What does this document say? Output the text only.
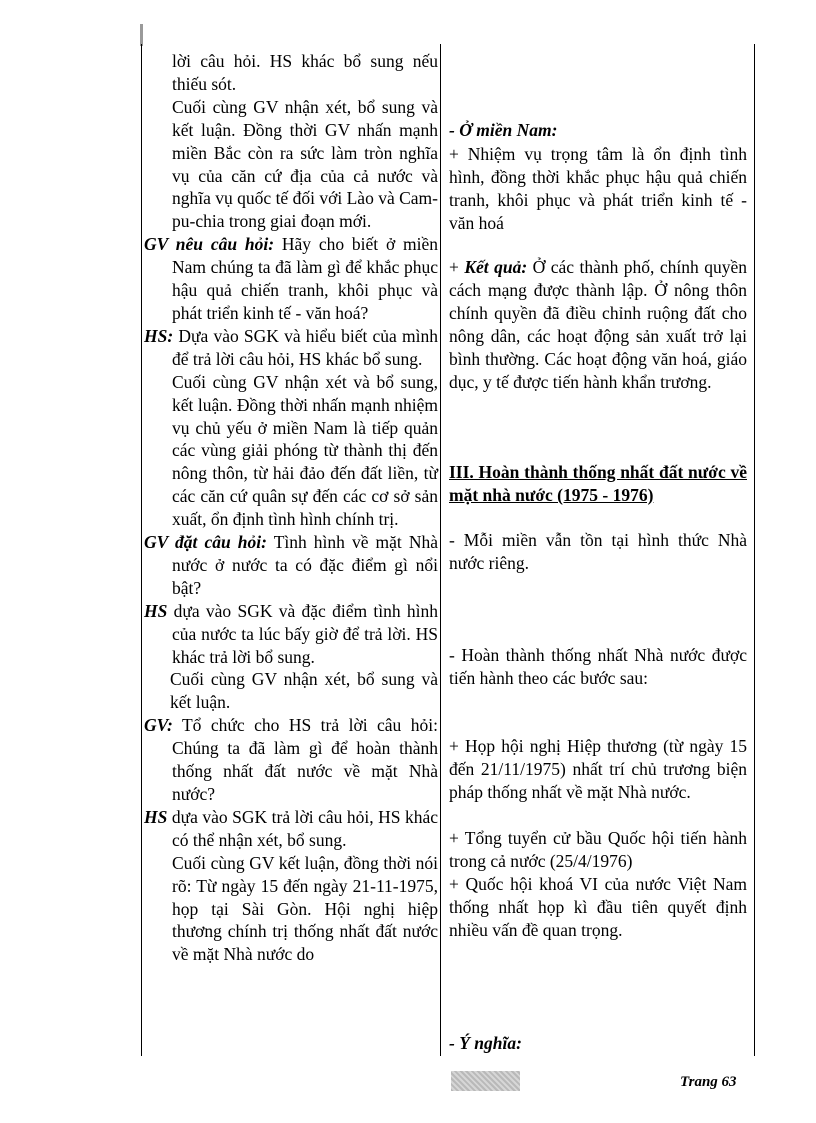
lời câu hỏi. HS khác bổ sung nếu thiếu sót.

Cuối cùng GV nhận xét, bổ sung và kết luận. Đồng thời GV nhấn mạnh miền Bắc còn ra sức làm tròn nghĩa vụ của căn cứ địa của cả nước và nghĩa vụ quốc tế đối với Lào và Cam-pu-chia trong giai đoạn mới.

GV nêu câu hỏi: Hãy cho biết ở miền Nam chúng ta đã làm gì để khắc phục hậu quả chiến tranh, khôi phục và phát triển kinh tế - văn hoá?

HS: Dựa vào SGK và hiểu biết của mình để trả lời câu hỏi, HS khác bổ sung.

Cuối cùng GV nhận xét và bổ sung, kết luận. Đồng thời nhấn mạnh nhiệm vụ chủ yếu ở miền Nam là tiếp quản các vùng giải phóng từ thành thị đến nông thôn, từ hải đảo đến đất liền, từ các căn cứ quân sự đến các cơ sở sản xuất, ổn định tình hình chính trị.

GV đặt câu hỏi: Tình hình về mặt Nhà nước ở nước ta có đặc điểm gì nổi bật?

HS dựa vào SGK và đặc điểm tình hình của nước ta lúc bấy giờ để trả lời. HS khác trả lời bổ sung.

Cuối cùng GV nhận xét, bổ sung và kết luận.

GV: Tổ chức cho HS trả lời câu hỏi: Chúng ta đã làm gì để hoàn thành thống nhất đất nước về mặt Nhà nước?

HS dựa vào SGK trả lời câu hỏi, HS khác có thể nhận xét, bổ sung.

Cuối cùng GV kết luận, đồng thời nói rõ: Từ ngày 15 đến ngày 21-11-1975, họp tại Sài Gòn. Hội nghị hiệp thương chính trị thống nhất đất nước về mặt Nhà nước do

- Ở miền Nam:

+ Nhiệm vụ trọng tâm là ổn định tình hình, đồng thời khắc phục hậu quả chiến tranh, khôi phục và phát triển kinh tế - văn hoá

+ Kết quả: Ở các thành phố, chính quyền cách mạng được thành lập. Ở nông thôn chính quyền đã điều chỉnh ruộng đất cho nông dân, các hoạt động sản xuất trở lại bình thường. Các hoạt động văn hoá, giáo dục, y tế được tiến hành khẩn trương.

III. Hoàn thành thống nhất đất nước về mặt nhà nước (1975 - 1976)

- Mỗi miền vẫn tồn tại hình thức Nhà nước riêng.

- Hoàn thành thống nhất Nhà nước được tiến hành theo các bước sau:

+ Họp hội nghị Hiệp thương (từ ngày 15 đến 21/11/1975) nhất trí chủ trương biện pháp thống nhất về mặt Nhà nước.

+ Tổng tuyển cử bầu Quốc hội tiến hành trong cả nước (25/4/1976)

+ Quốc hội khoá VI của nước Việt Nam thống nhất họp kì đầu tiên quyết định nhiều vấn đề quan trọng.

- Ý nghĩa:

Trang 63
